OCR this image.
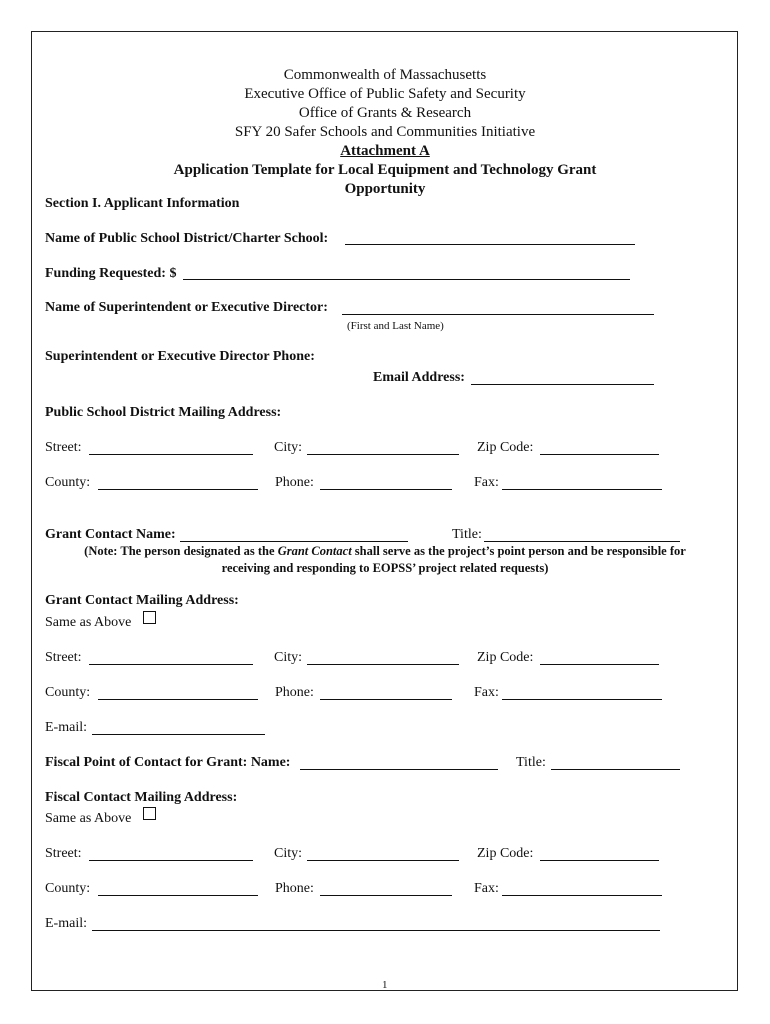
Commonwealth of Massachusetts
Executive Office of Public Safety and Security
Office of Grants & Research
SFY 20 Safer Schools and Communities Initiative
Attachment A
Application Template for Local Equipment and Technology Grant
Opportunity
Section I. Applicant Information
Name of Public School District/Charter School:
Funding Requested: $
Name of Superintendent or Executive Director:
(First and Last Name)
Superintendent or Executive Director Phone:
Email Address:
Public School District Mailing Address:
Street:	City:	Zip Code:
County:	Phone:	Fax:
Grant Contact Name:	Title:
(Note: The person designated as the Grant Contact shall serve as the project’s point person and be responsible for
receiving and responding to EOPSS’ project related requests)
Grant Contact Mailing Address:
Same as Above
Street:	City:	Zip Code:
County:	Phone:	Fax:
E-mail:
Fiscal Point of Contact for Grant: Name:	Title:
Fiscal Contact Mailing Address:
Same as Above
Street:	City:	Zip Code:
County:	Phone:	Fax:
E-mail:
1
